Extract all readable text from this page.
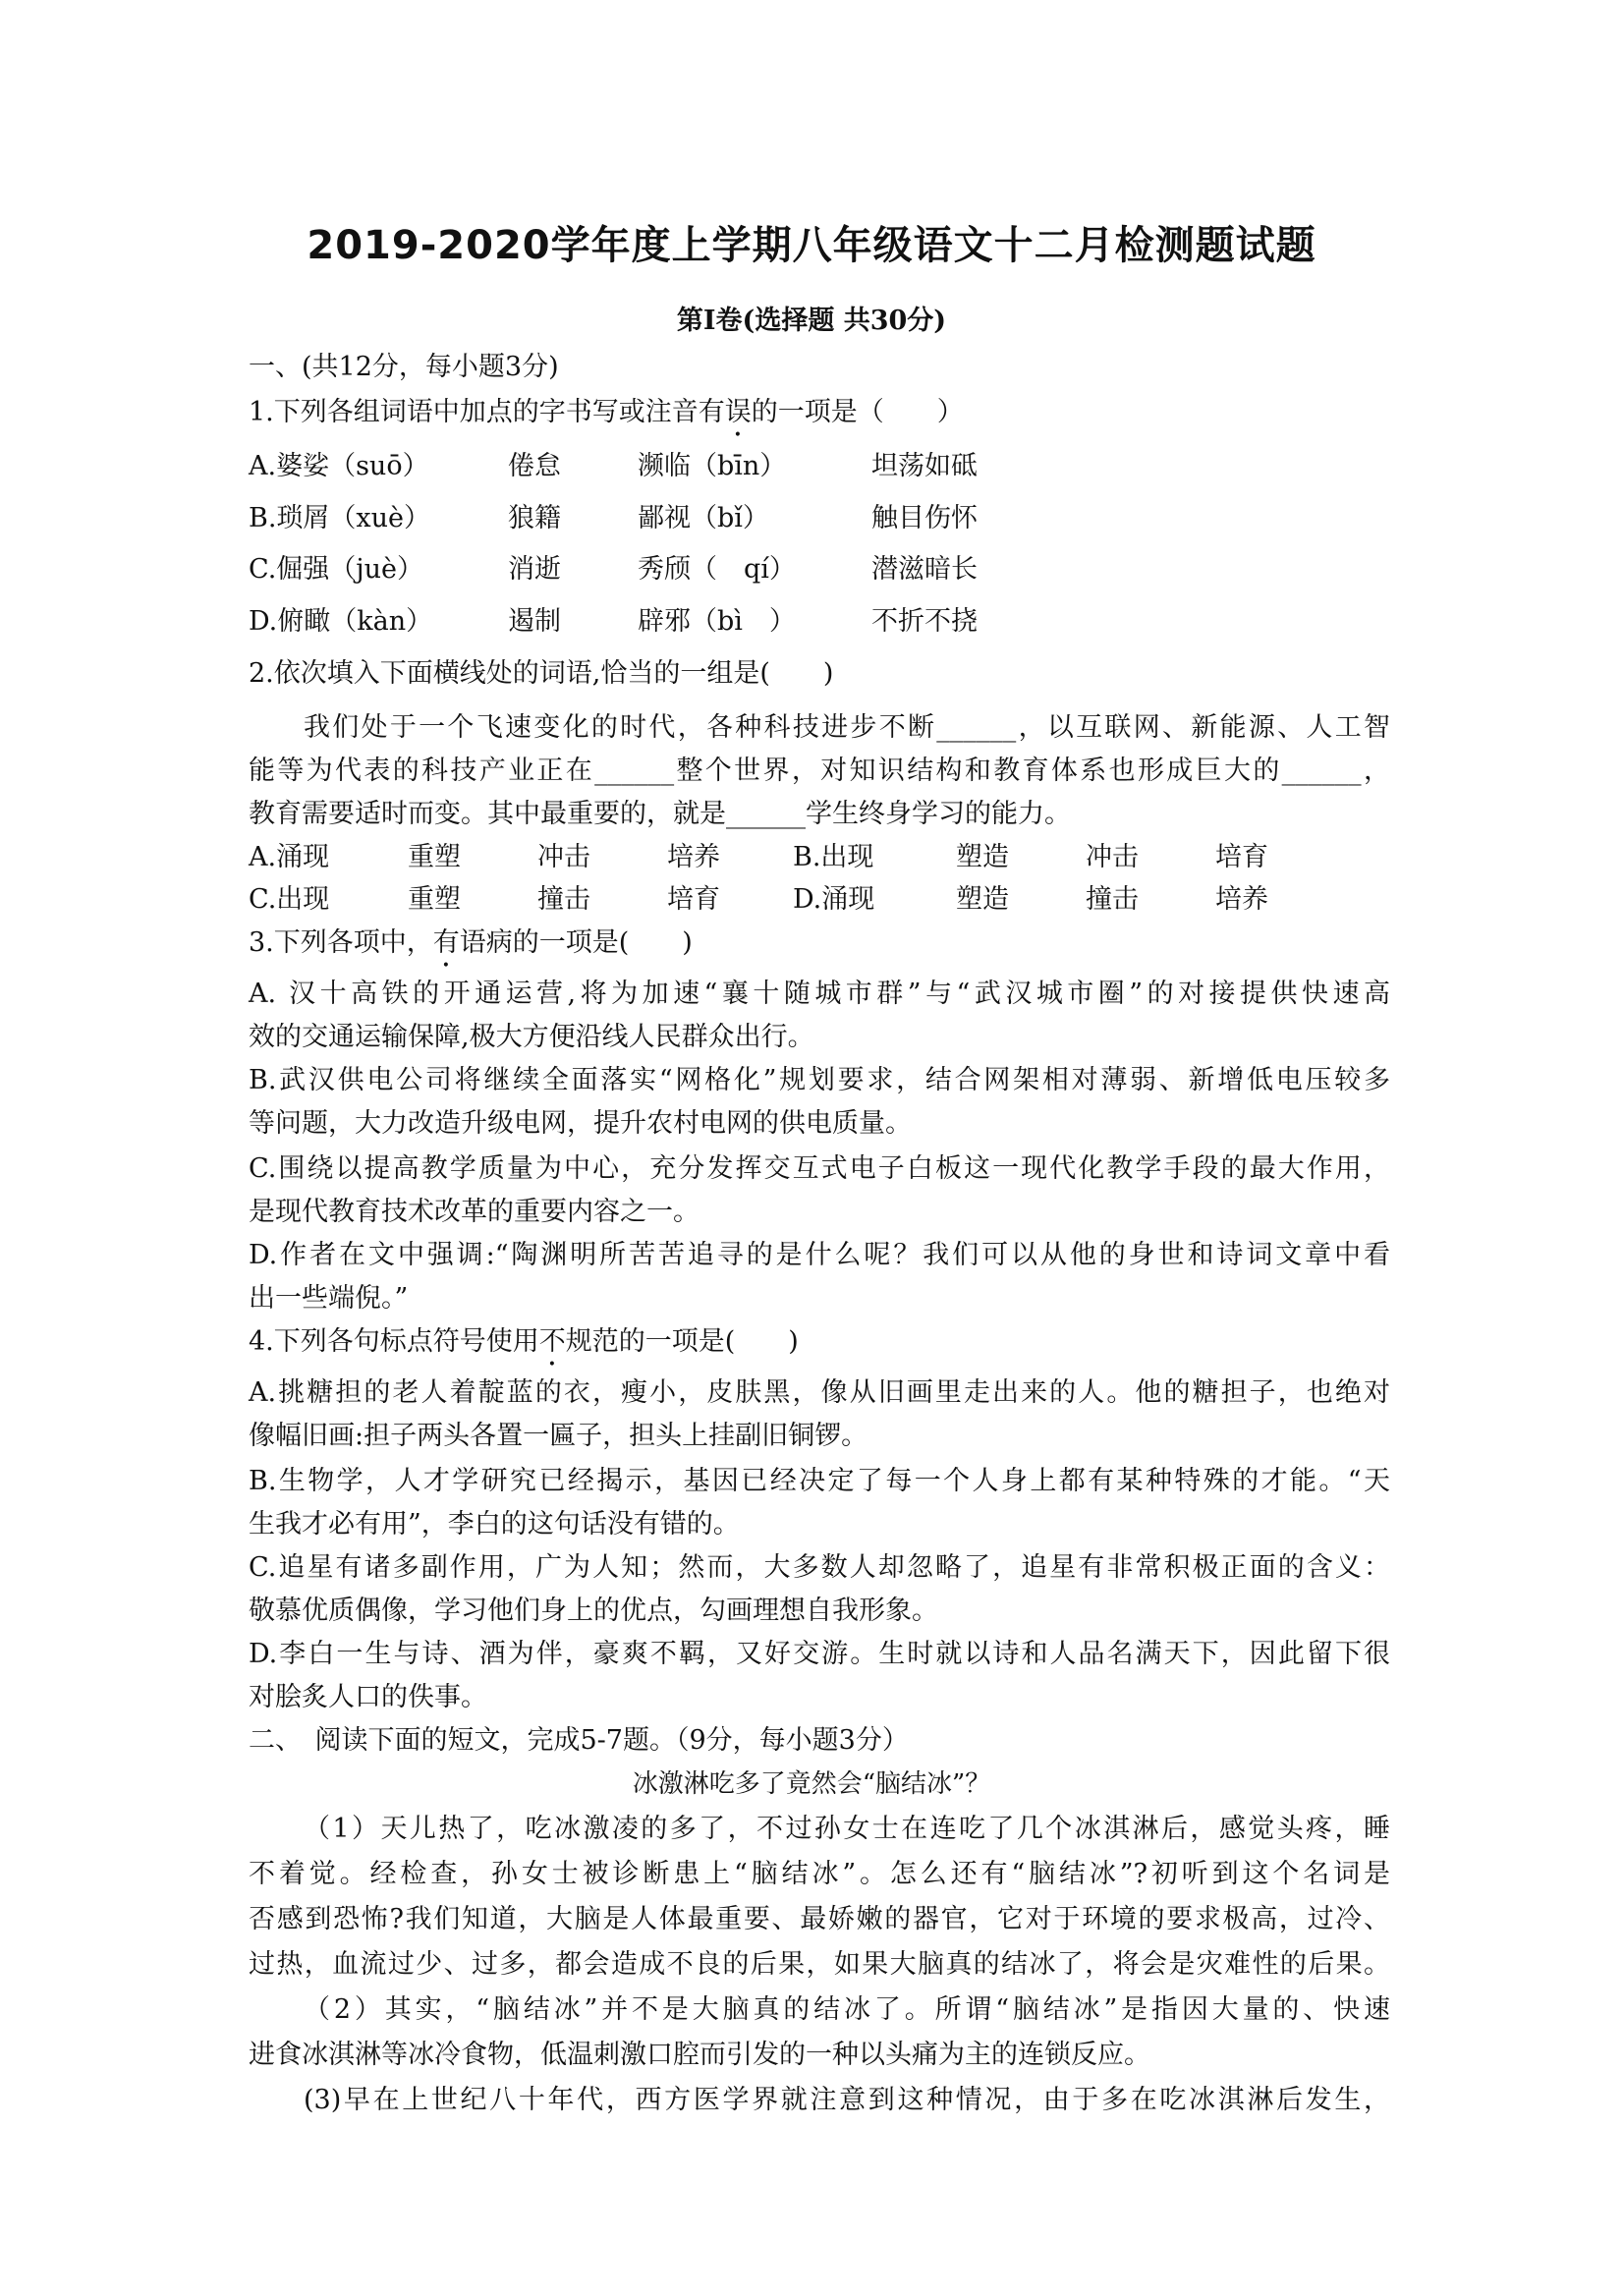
2019-2020学年度上学期八年级语文十二月检测题试题
第Ⅰ卷(选择题 共30分)
一、(共12分，每小题3分)
1.下列各组词语中加点的字书写或注音有误的一项是（　　）
A.婆娑（suō）	倦怠	濒临（bīn）	坦荡如砥
B.琐屑（xuè）	狼籍	鄙视（bǐ）	触目伤怀
C.倔强（juè）	消逝	秀颀（　qí）	潜滋暗长
D.俯瞰（kàn）	遏制	辟邪（bì　）	不折不挠
2.依次填入下面横线处的词语,恰当的一组是(　　)
我们处于一个飞速变化的时代，各种科技进步不断______，以互联网、新能源、人工智
能等为代表的科技产业正在______整个世界，对知识结构和教育体系也形成巨大的______，
教育需要适时而变。其中最重要的，就是______学生终身学习的能力。
A.涌现	重塑	冲击	培养	B.出现	塑造	冲击	培育
C.出现	重塑	撞击	培育	D.涌现	塑造	撞击	培养
3.下列各项中，有语病的一项是(　　)
A. 汉十高铁的开通运营,将为加速“襄十随城市群”与“武汉城市圈”的对接提供快速高
效的交通运输保障,极大方便沿线人民群众出行。
B.武汉供电公司将继续全面落实“网格化”规划要求，结合网架相对薄弱、新增低电压较多
等问题，大力改造升级电网，提升农村电网的供电质量。
C.围绕以提高教学质量为中心，充分发挥交互式电子白板这一现代化教学手段的最大作用，
是现代教育技术改革的重要内容之一。
D.作者在文中强调:“陶渊明所苦苦追寻的是什么呢？我们可以从他的身世和诗词文章中看
出一些端倪。”
4.下列各句标点符号使用不规范的一项是(　　)
A.挑糖担的老人着靛蓝的衣，瘦小，皮肤黑，像从旧画里走出来的人。他的糖担子，也绝对
像幅旧画:担子两头各置一匾子，担头上挂副旧铜锣。
B.生物学，人才学研究已经揭示，基因已经决定了每一个人身上都有某种特殊的才能。“天
生我才必有用”，李白的这句话没有错的。
C.追星有诸多副作用，广为人知；然而，大多数人却忽略了，追星有非常积极正面的含义：
敬慕优质偶像，学习他们身上的优点，勾画理想自我形象。
D.李白一生与诗、酒为伴，豪爽不羁，又好交游。生时就以诗和人品名满天下，因此留下很
对脍炙人口的佚事。
二、　阅读下面的短文，完成5-7题。（9分，每小题3分）
冰激淋吃多了竟然会“脑结冰”？
（1）天儿热了，吃冰激凌的多了，不过孙女士在连吃了几个冰淇淋后，感觉头疼，睡
不着觉。经检查，孙女士被诊断患上“脑结冰”。怎么还有“脑结冰”?初听到这个名词是
否感到恐怖?我们知道，大脑是人体最重要、最娇嫩的器官，它对于环境的要求极高，过冷、
过热，血流过少、过多，都会造成不良的后果，如果大脑真的结冰了，将会是灾难性的后果。
（2）其实，“脑结冰”并不是大脑真的结冰了。所谓“脑结冰”是指因大量的、快速
进食冰淇淋等冰冷食物，低温刺激口腔而引发的一种以头痛为主的连锁反应。
(3)早在上世纪八十年代，西方医学界就注意到这种情况，由于多在吃冰淇淋后发生，
